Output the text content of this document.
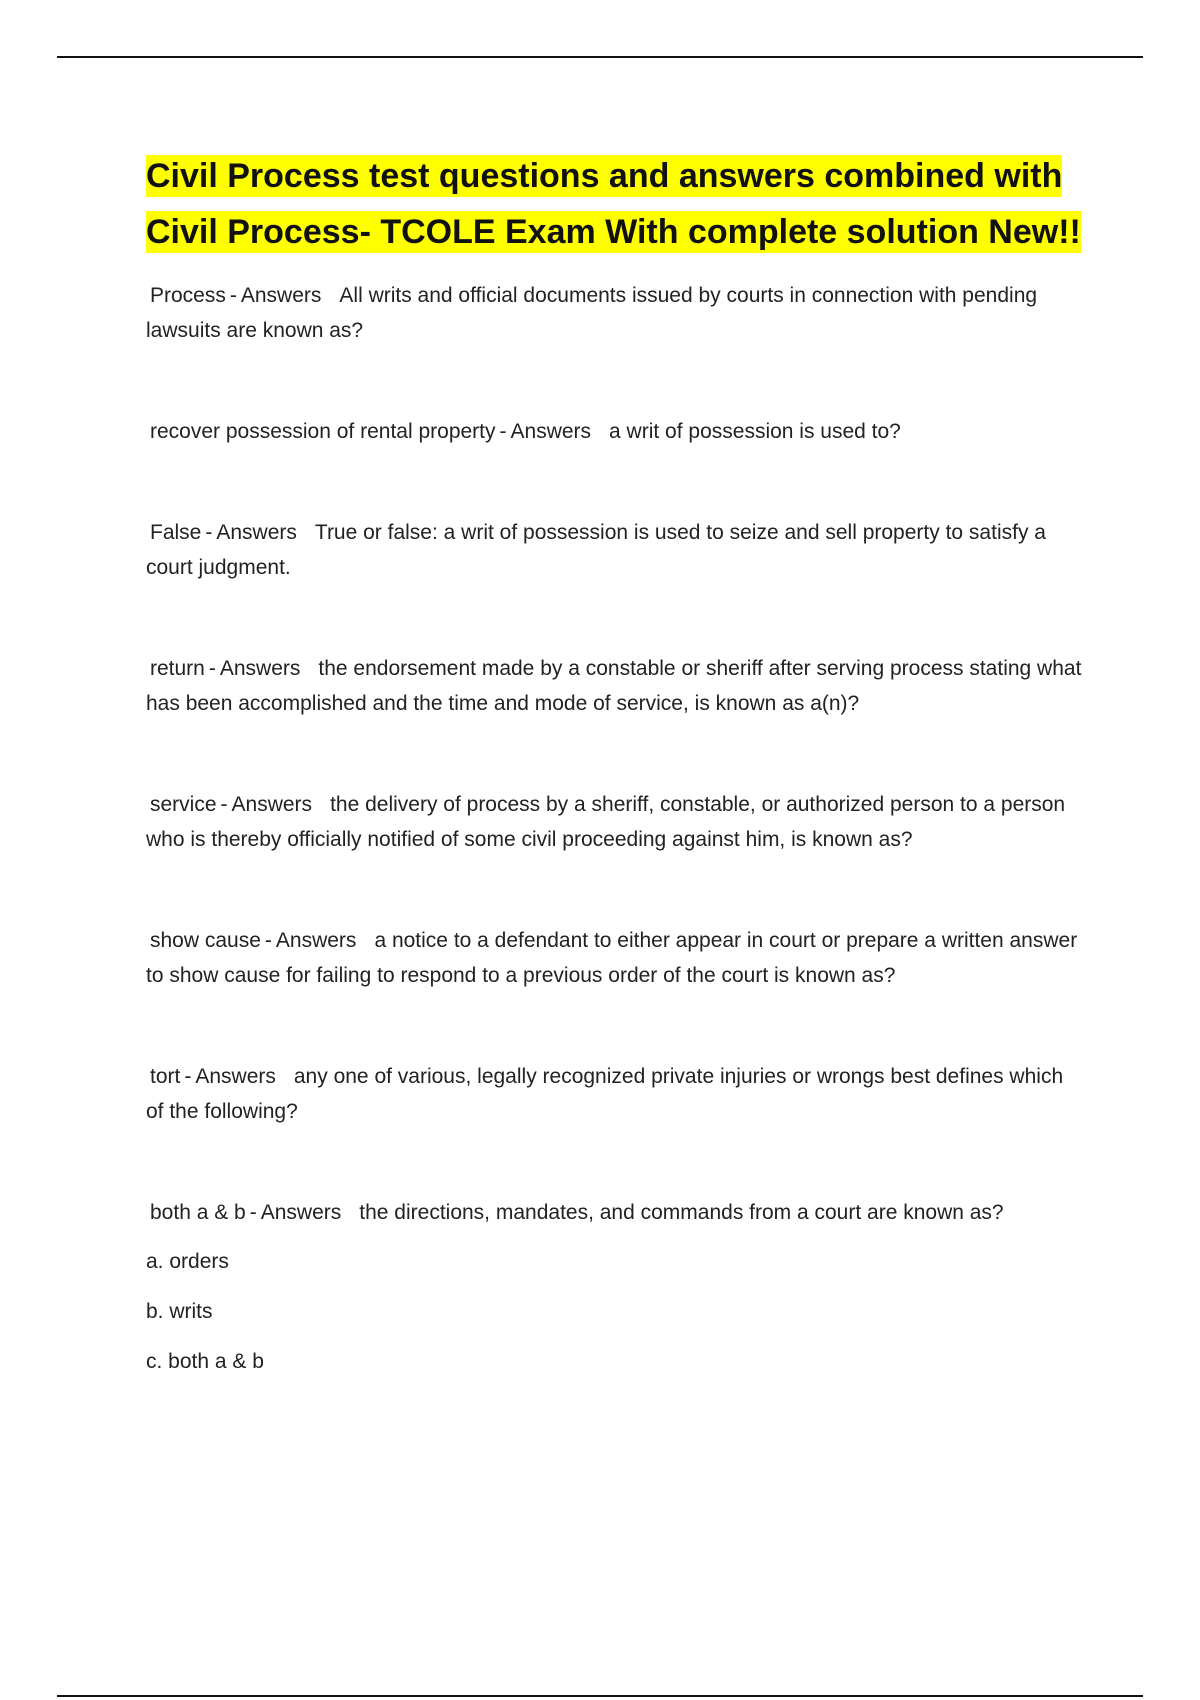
Civil Process test questions and answers combined with Civil Process- TCOLE Exam With complete solution New!!
Process - Answers All writs and official documents issued by courts in connection with pending lawsuits are known as?
recover possession of rental property - Answers a writ of possession is used to?
False - Answers True or false: a writ of possession is used to seize and sell property to satisfy a court judgment.
return - Answers the endorsement made by a constable or sheriff after serving process stating what has been accomplished and the time and mode of service, is known as a(n)?
service - Answers the delivery of process by a sheriff, constable, or authorized person to a person who is thereby officially notified of some civil proceeding against him, is known as?
show cause - Answers a notice to a defendant to either appear in court or prepare a written answer to show cause for failing to respond to a previous order of the court is known as?
tort - Answers any one of various, legally recognized private injuries or wrongs best defines which of the following?
both a & b - Answers the directions, mandates, and commands from a court are known as?
a. orders
b. writs
c. both a & b
